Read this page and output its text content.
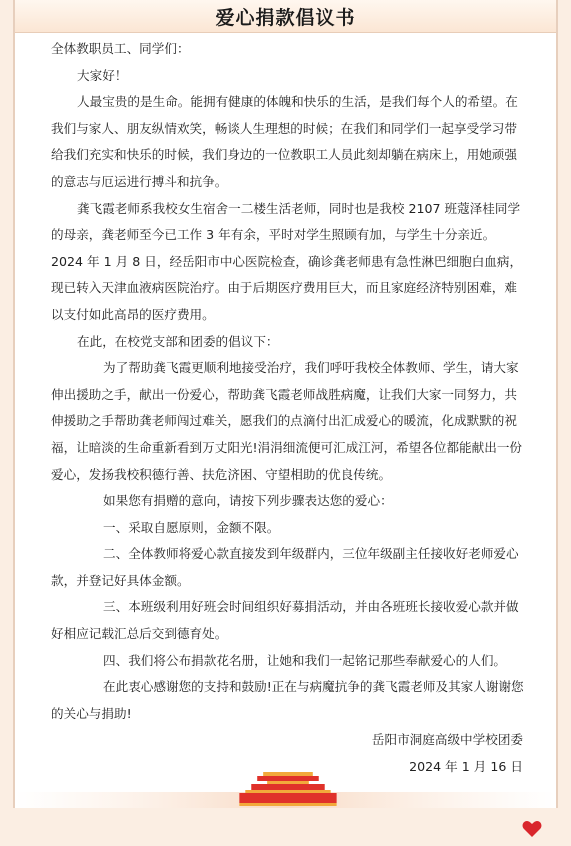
爱心捐款倡议书

全体教职员工、同学们：

大家好！

人最宝贵的是生命。能拥有健康的体魄和快乐的生活，是我们每个人的希望。在我们与家人、朋友纵情欢笑，畅谈人生理想的时候；在我们和同学们一起享受学习带给我们充实和快乐的时候，我们身边的一位教职工人员此刻却躺在病床上，用她顽强的意志与厄运进行搏斗和抗争。

龚飞霞老师系我校女生宿舍一二楼生活老师，同时也是我校 2107 班蔻泽桂同学的母亲，龚老师至今已工作 3 年有余，平时对学生照顾有加，与学生十分亲近。2024 年 1 月 8 日，经岳阳市中心医院检查，确诊龚老师患有急性淋巴细胞白血病，现已转入天津血液病医院治疗。由于后期医疗费用巨大，而且家庭经济特别困难，难以支付如此高昂的医疗费用。

在此，在校党支部和团委的倡议下：

为了帮助龚飞霞更顺利地接受治疗，我们呼吁我校全体教师、学生，请大家伸出援助之手，献出一份爱心，帮助龚飞霞老师战胜病魔，让我们大家一同努力，共伸援助之手帮助龚老师闯过难关，愿我们的点滴付出汇成爱心的暖流，化成默默的祝福，让暗淡的生命重新看到万丈阳光!涓涓细流便可汇成江河，希望各位都能献出一份爱心，发扬我校积德行善、扶危济困、守望相助的优良传统。

如果您有捐赠的意向，请按下列步骤表达您的爱心：

一、采取自愿原则，金额不限。

二、全体教师将爱心款直接发到年级群内，三位年级副主任接收好老师爱心款，并登记好具体金额。

三、本班级利用好班会时间组织好募捐活动，并由各班班长接收爱心款并做好相应记载汇总后交到德育处。

四、我们将公布捐款花名册，让她和我们一起铭记那些奉献爱心的人们。

在此衷心感谢您的支持和鼓励!正在与病魔抗争的龚飞霞老师及其家人谢谢您的关心与捐助!

岳阳市洞庭高级中学校团委

2024 年 1 月 16 日
